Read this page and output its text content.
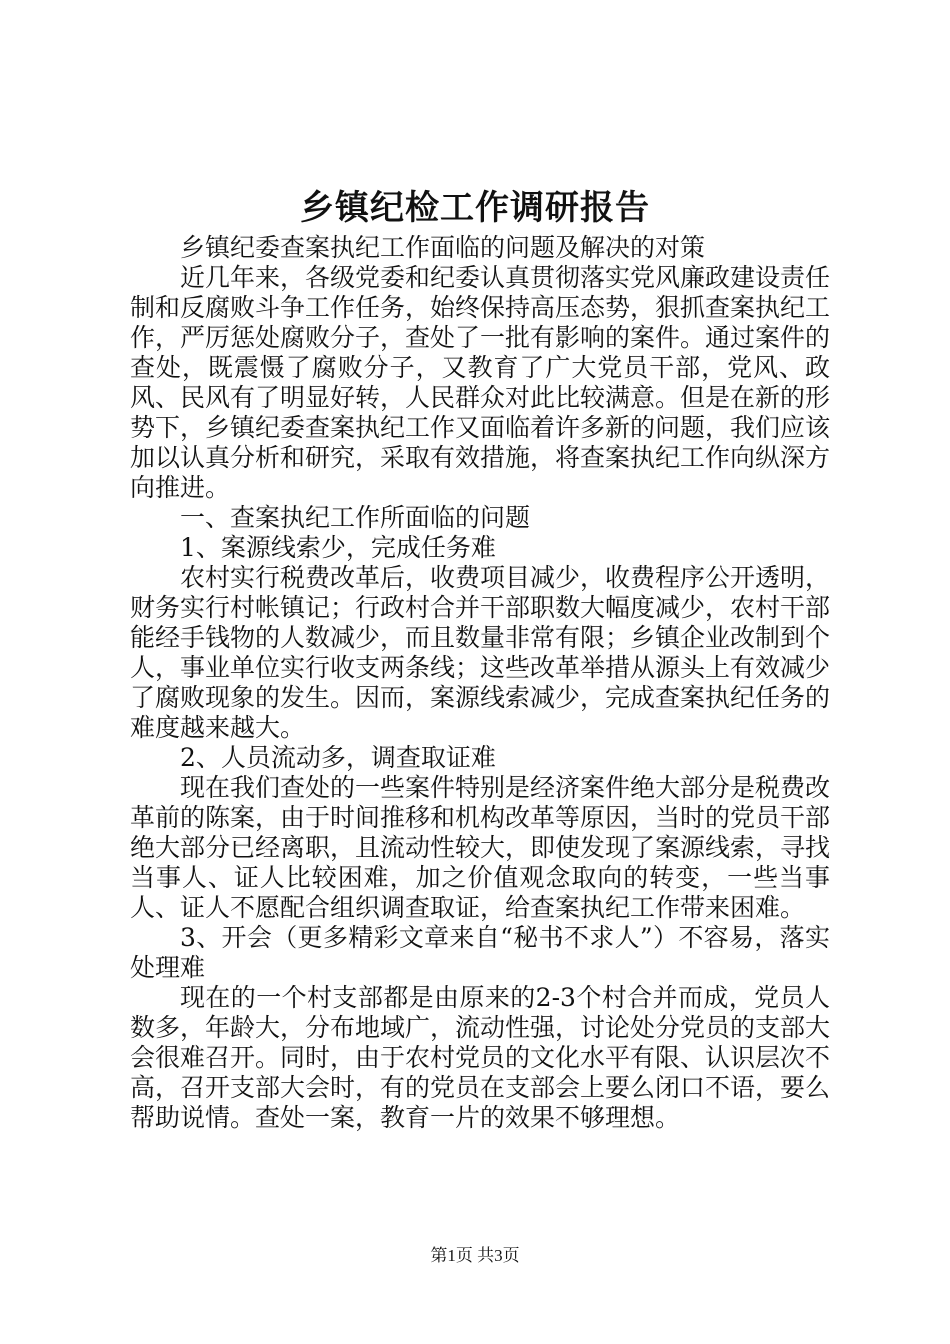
乡镇纪检工作调研报告

乡镇纪委查案执纪工作面临的问题及解决的对策

近几年来，各级党委和纪委认真贯彻落实党风廉政建设责任制和反腐败斗争工作任务，始终保持高压态势，狠抓查案执纪工作，严厉惩处腐败分子，查处了一批有影响的案件。通过案件的查处，既震慑了腐败分子，又教育了广大党员干部，党风、政风、民风有了明显好转，人民群众对此比较满意。但是在新的形势下，乡镇纪委查案执纪工作又面临着许多新的问题，我们应该加以认真分析和研究，采取有效措施，将查案执纪工作向纵深方向推进。

一、查案执纪工作所面临的问题

1、案源线索少，完成任务难

农村实行税费改革后，收费项目减少，收费程序公开透明，财务实行村帐镇记；行政村合并干部职数大幅度减少，农村干部能经手钱物的人数减少，而且数量非常有限；乡镇企业改制到个人，事业单位实行收支两条线；这些改革举措从源头上有效减少了腐败现象的发生。因而，案源线索减少，完成查案执纪任务的难度越来越大。

2、人员流动多，调查取证难

现在我们查处的一些案件特别是经济案件绝大部分是税费改革前的陈案，由于时间推移和机构改革等原因，当时的党员干部绝大部分已经离职，且流动性较大，即使发现了案源线索，寻找当事人、证人比较困难，加之价值观念取向的转变，一些当事人、证人不愿配合组织调查取证，给查案执纪工作带来困难。

3、开会（更多精彩文章来自“秘书不求人”）不容易，落实处理难

现在的一个村支部都是由原来的2-3个村合并而成，党员人数多，年龄大，分布地域广，流动性强，讨论处分党员的支部大会很难召开。同时，由于农村党员的文化水平有限、认识层次不高，召开支部大会时，有的党员在支部会上要么闭口不语，要么帮助说情。查处一案，教育一片的效果不够理想。

第1页 共3页
